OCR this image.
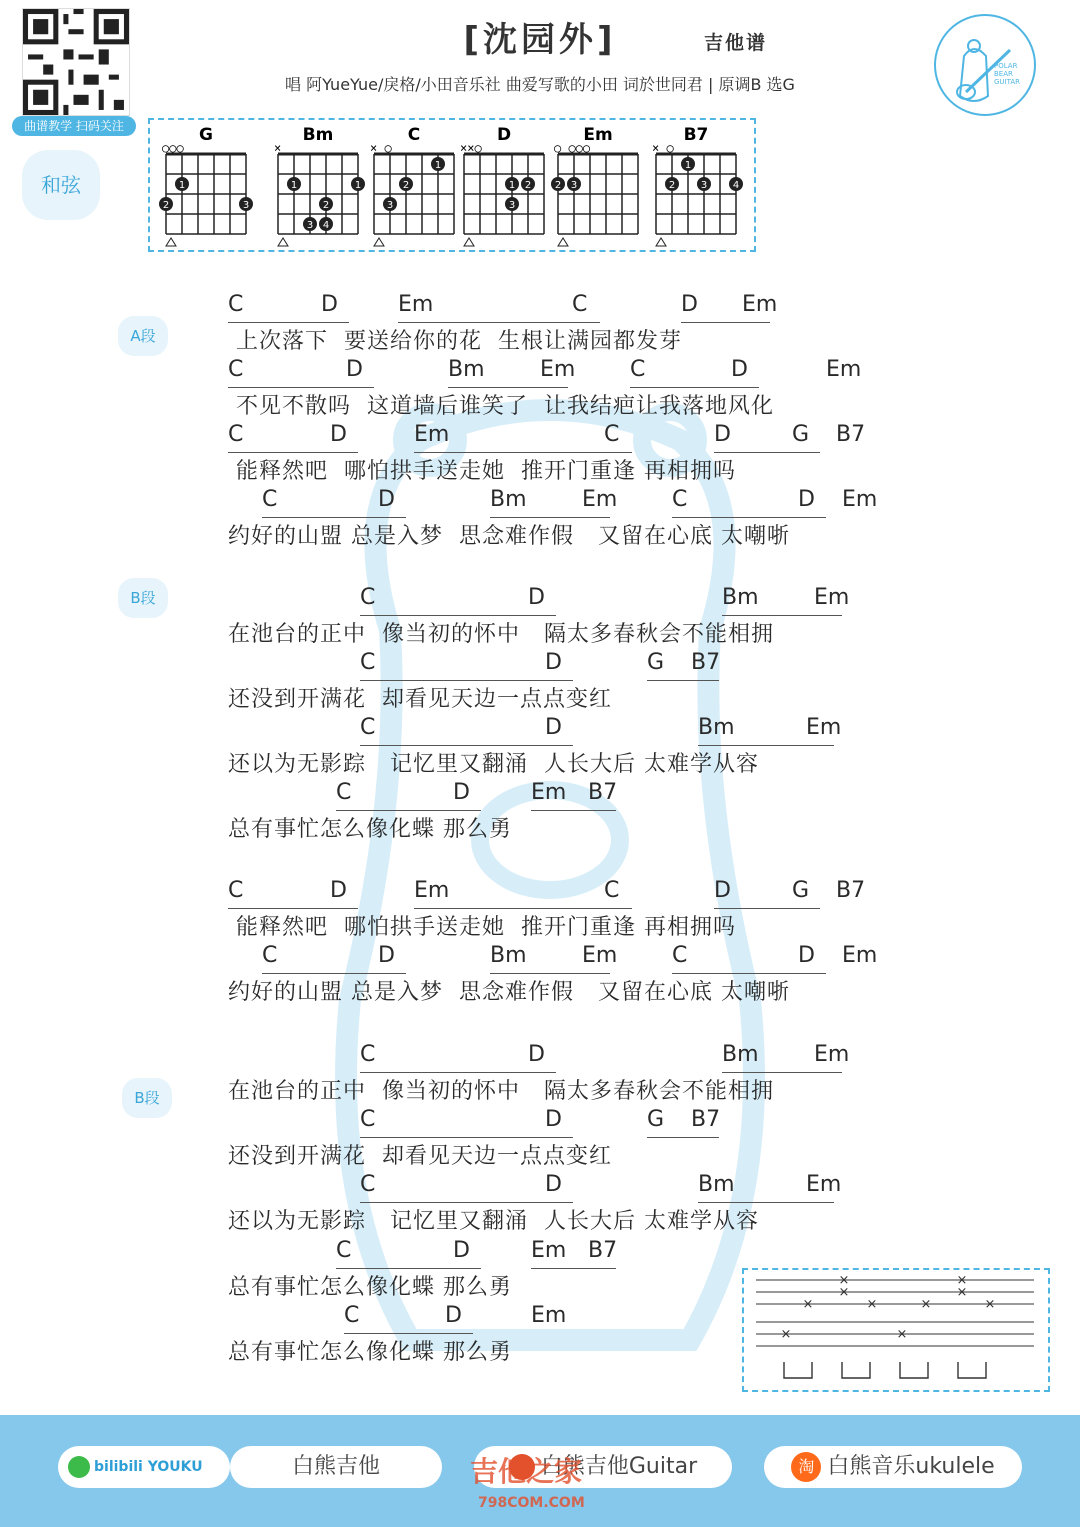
曲谱教学 扫码关注
和弦
[沈园外]	吉他谱
唱 阿YueYue/戾格/小田音乐社 曲爱写歌的小田 词於世同君 | 原调B 选G
POLAR
BEAR
GUITAR
G
○○○
1
2	3
Bm
×
1	1
2
3 4
C
× ○
1
2
3
D
××○
1 2
3
Em
○ ○○○
2 3
B7
× ○
1
2	3	4
A段
B段
B段
C	D	Em	C	D Em
上次落下  要送给你的花  生根让满园都发芽
C	D	Bm	Em C	D	Em
不见不散吗  这道墙后谁笑了  让我结疤让我落地风化
C	D	Em	C	D	G B7
能释然吧  哪怕拱手送走她  推开门重逢 再相拥吗
C	D	Bm	Em C	D Em
约好的山盟 总是入梦  思念难作假   又留在心底 太嘲哳
C	D	Bm	Em
在池台的正中  像当初的怀中   隔太多春秋会不能相拥
C	D	G B7
还没到开满花  却看见天边一点点变红
C	D	Bm	Em
还以为无影踪   记忆里又翻涌  人长大后 太难学从容
C	D	Em B7
总有事忙怎么像化蝶 那么勇
C	D	Em	C	D	G B7
能释然吧  哪怕拱手送走她  推开门重逢 再相拥吗
C	D	Bm	Em C	D Em
约好的山盟 总是入梦  思念难作假   又留在心底 太嘲哳
C	D	Bm	Em
在池台的正中  像当初的怀中   隔太多春秋会不能相拥
C	D	G B7
还没到开满花  却看见天边一点点变红
C	D	Bm	Em
还以为无影踪   记忆里又翻涌  人长大后 太难学从容
C	D	Em B7
总有事忙怎么像化蝶 那么勇
C	D	Em
总有事忙怎么像化蝶 那么勇
×	×
×	×
×	×	×	×
×	×
bilibili YOUKU	白熊吉他	白熊吉他Guitar	淘 白熊音乐ukulele
吉他之家
798COM.COM
